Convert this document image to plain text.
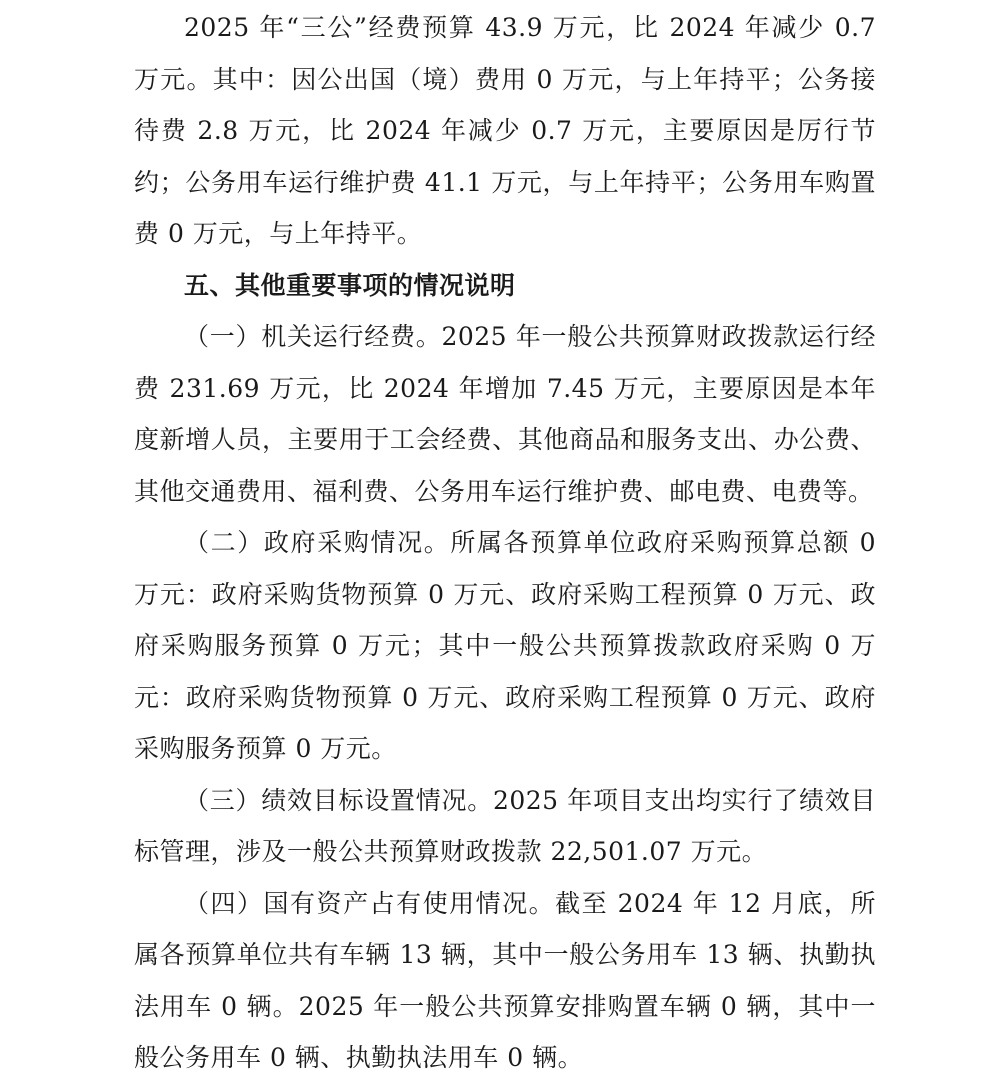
2025 年“三公”经费预算 43.9 万元，比 2024 年减少 0.7 万元。其中：因公出国（境）费用 0 万元，与上年持平；公务接待费 2.8 万元，比 2024 年减少 0.7 万元，主要原因是厉行节约；公务用车运行维护费 41.1 万元，与上年持平；公务用车购置费 0 万元，与上年持平。

五、其他重要事项的情况说明

（一）机关运行经费。2025 年一般公共预算财政拨款运行经费 231.69 万元，比 2024 年增加 7.45 万元，主要原因是本年度新增人员，主要用于工会经费、其他商品和服务支出、办公费、其他交通费用、福利费、公务用车运行维护费、邮电费、电费等。

（二）政府采购情况。所属各预算单位政府采购预算总额 0 万元：政府采购货物预算 0 万元、政府采购工程预算 0 万元、政府采购服务预算 0 万元；其中一般公共预算拨款政府采购 0 万元：政府采购货物预算 0 万元、政府采购工程预算 0 万元、政府采购服务预算 0 万元。

（三）绩效目标设置情况。2025 年项目支出均实行了绩效目标管理，涉及一般公共预算财政拨款 22,501.07 万元。

（四）国有资产占有使用情况。截至 2024 年 12 月底，所属各预算单位共有车辆 13 辆，其中一般公务用车 13 辆、执勤执法用车 0 辆。2025 年一般公共预算安排购置车辆 0 辆，其中一般公务用车 0 辆、执勤执法用车 0 辆。
